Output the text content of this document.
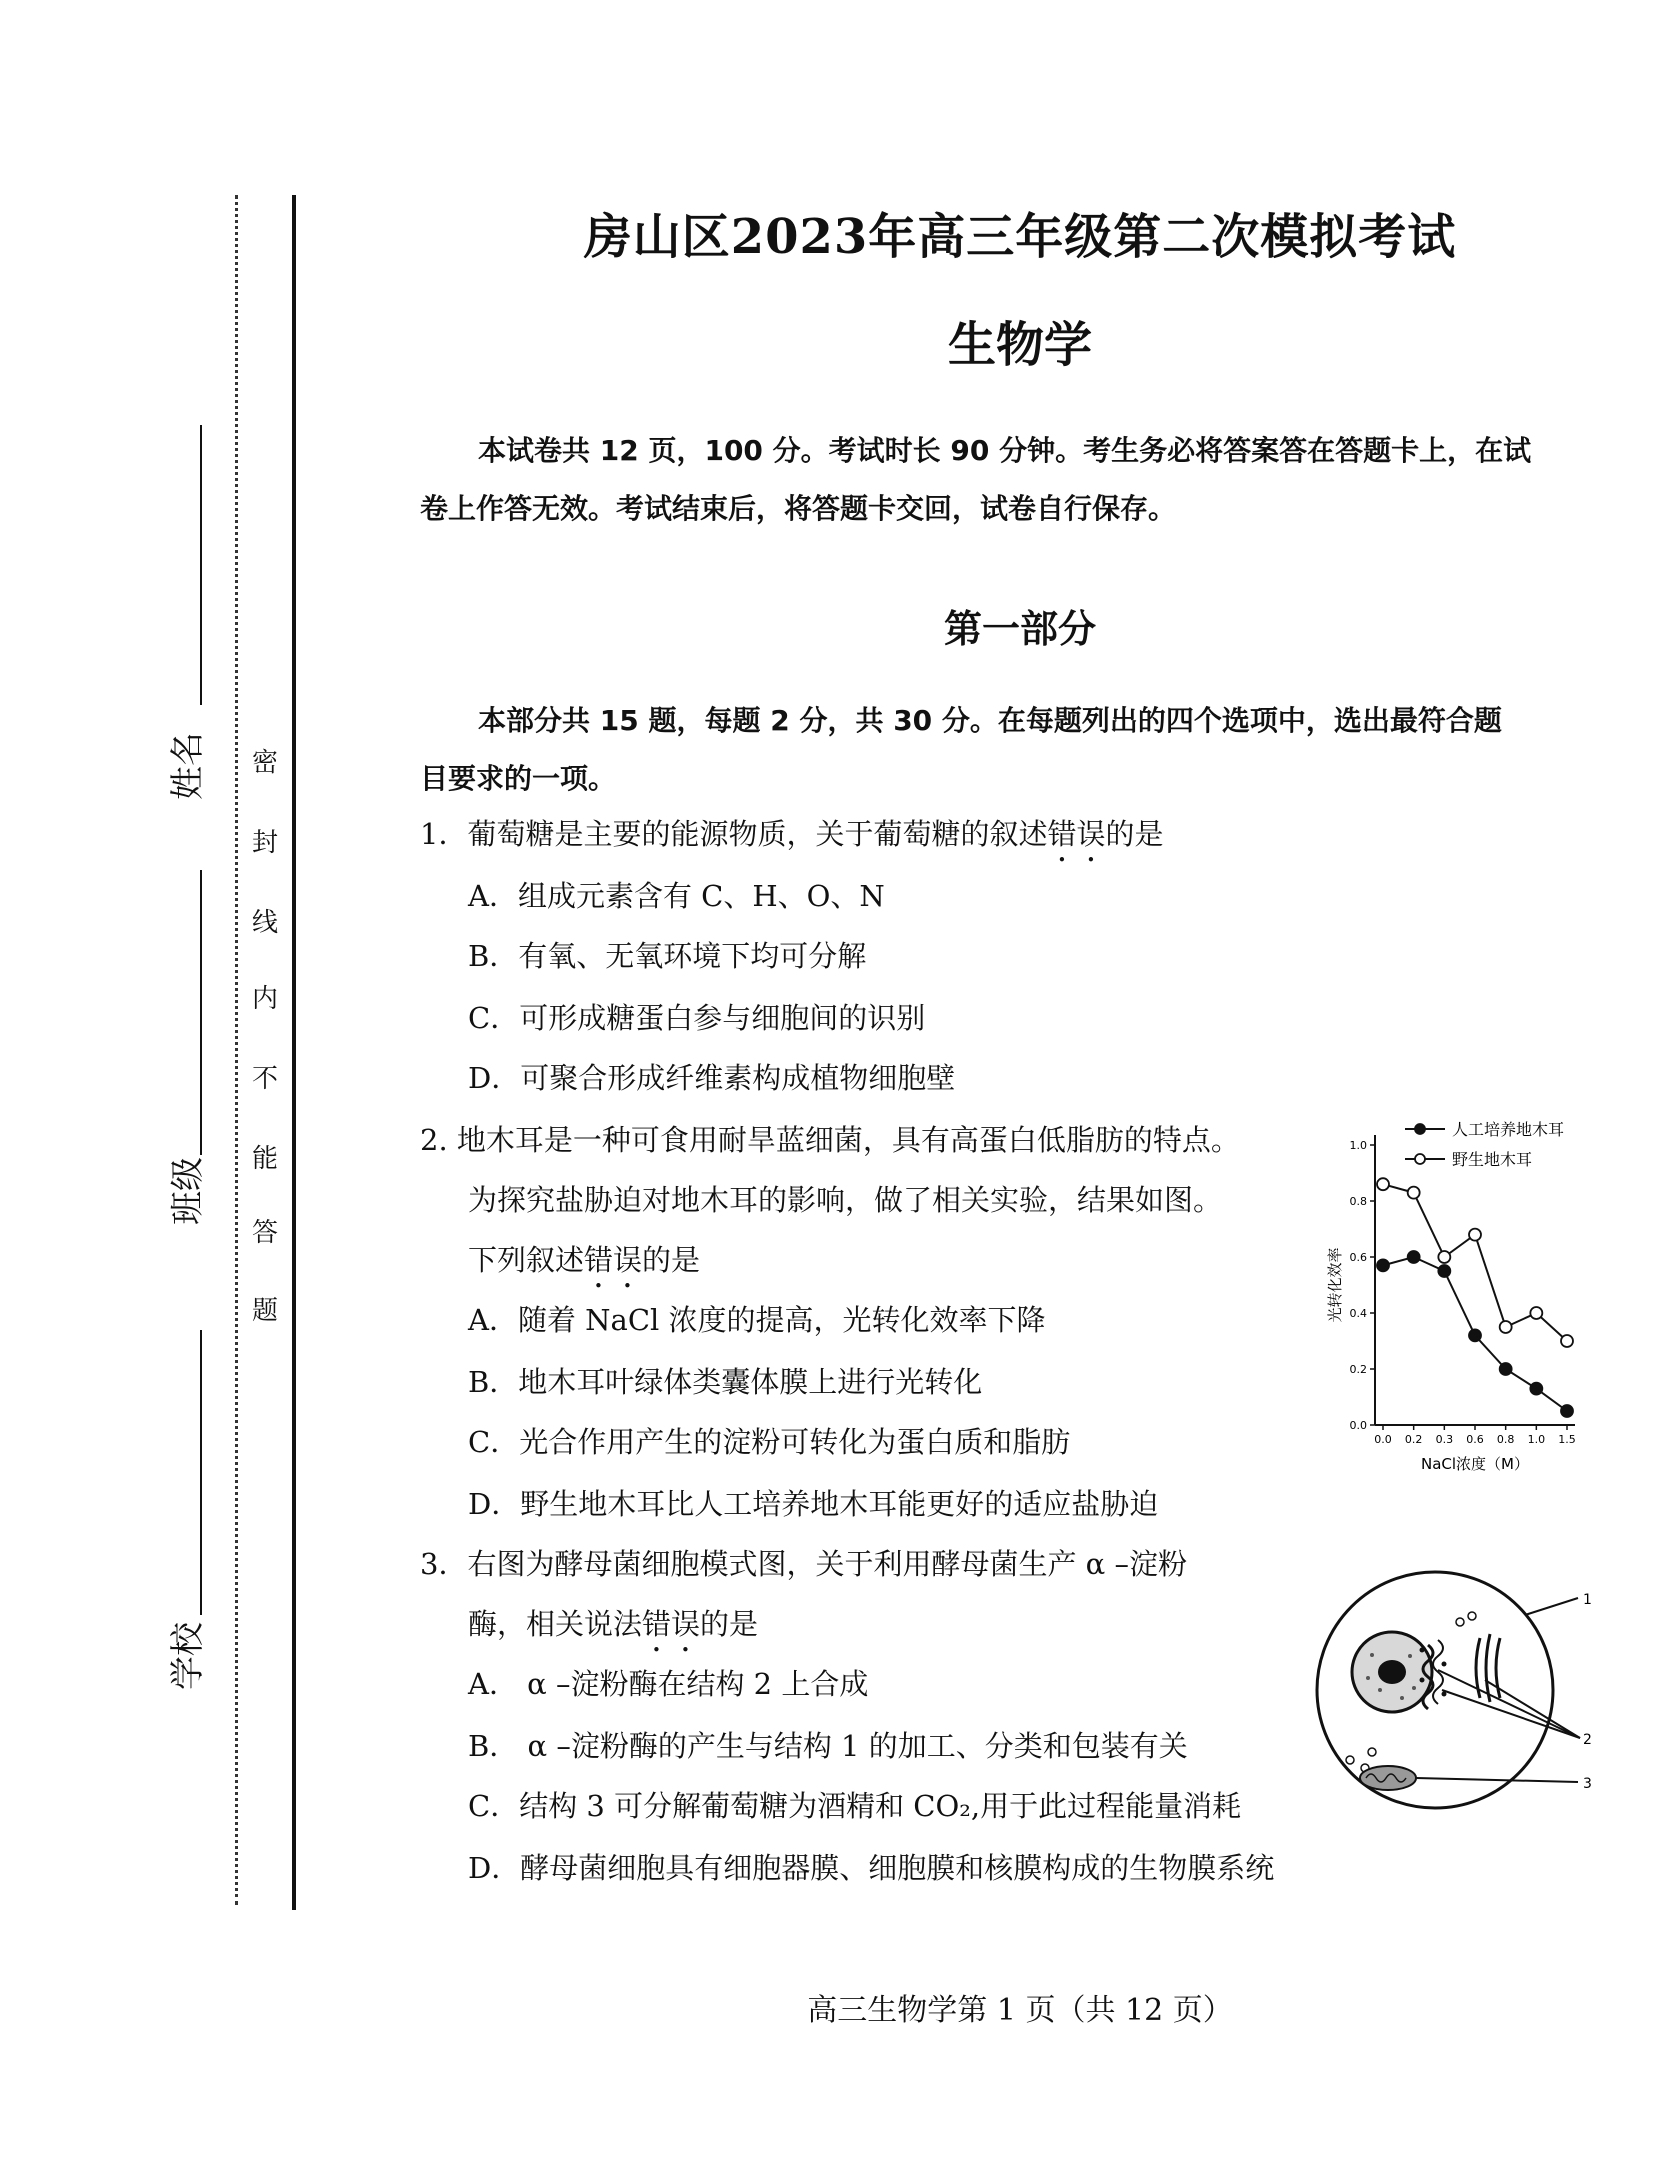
密
封
线
内
不
能
答
题
姓名
班级
学校
房山区2023年高三年级第二次模拟考试
生物学
本试卷共 12 页，100 分。考试时长 90 分钟。考生务必将答案答在答题卡上，在试
卷上作答无效。考试结束后，将答题卡交回，试卷自行保存。
第一部分
本部分共 15 题，每题 2 分，共 30 分。在每题列出的四个选项中，选出最符合题
目要求的一项。
1．葡萄糖是主要的能源物质，关于葡萄糖的叙述错误的是
A．组成元素含有 C、H、O、N
B．有氧、无氧环境下均可分解
C．可形成糖蛋白参与细胞间的识别
D．可聚合形成纤维素构成植物细胞壁
2. 地木耳是一种可食用耐旱蓝细菌，具有高蛋白低脂肪的特点。
为探究盐胁迫对地木耳的影响，做了相关实验，结果如图。
下列叙述错误的是
A．随着 NaCl 浓度的提高，光转化效率下降
B．地木耳叶绿体类囊体膜上进行光转化
C．光合作用产生的淀粉可转化为蛋白质和脂肪
D．野生地木耳比人工培养地木耳能更好的适应盐胁迫
0.0
0.2
0.4
0.6
0.8
1.0
0.0 0.2 0.3 0.6 0.8 1.0 1.5
NaCl浓度（M）
光转化效率
人工培养地木耳
野生地木耳
3．右图为酵母菌细胞模式图，关于利用酵母菌生产 α –淀粉
酶，相关说法错误的是
A． α –淀粉酶在结构 2 上合成
B． α –淀粉酶的产生与结构 1 的加工、分类和包装有关
C．结构 3 可分解葡萄糖为酒精和 CO₂,用于此过程能量消耗
D．酵母菌细胞具有细胞器膜、细胞膜和核膜构成的生物膜系统
1
2
3
高三生物学第 1 页（共 12 页）
